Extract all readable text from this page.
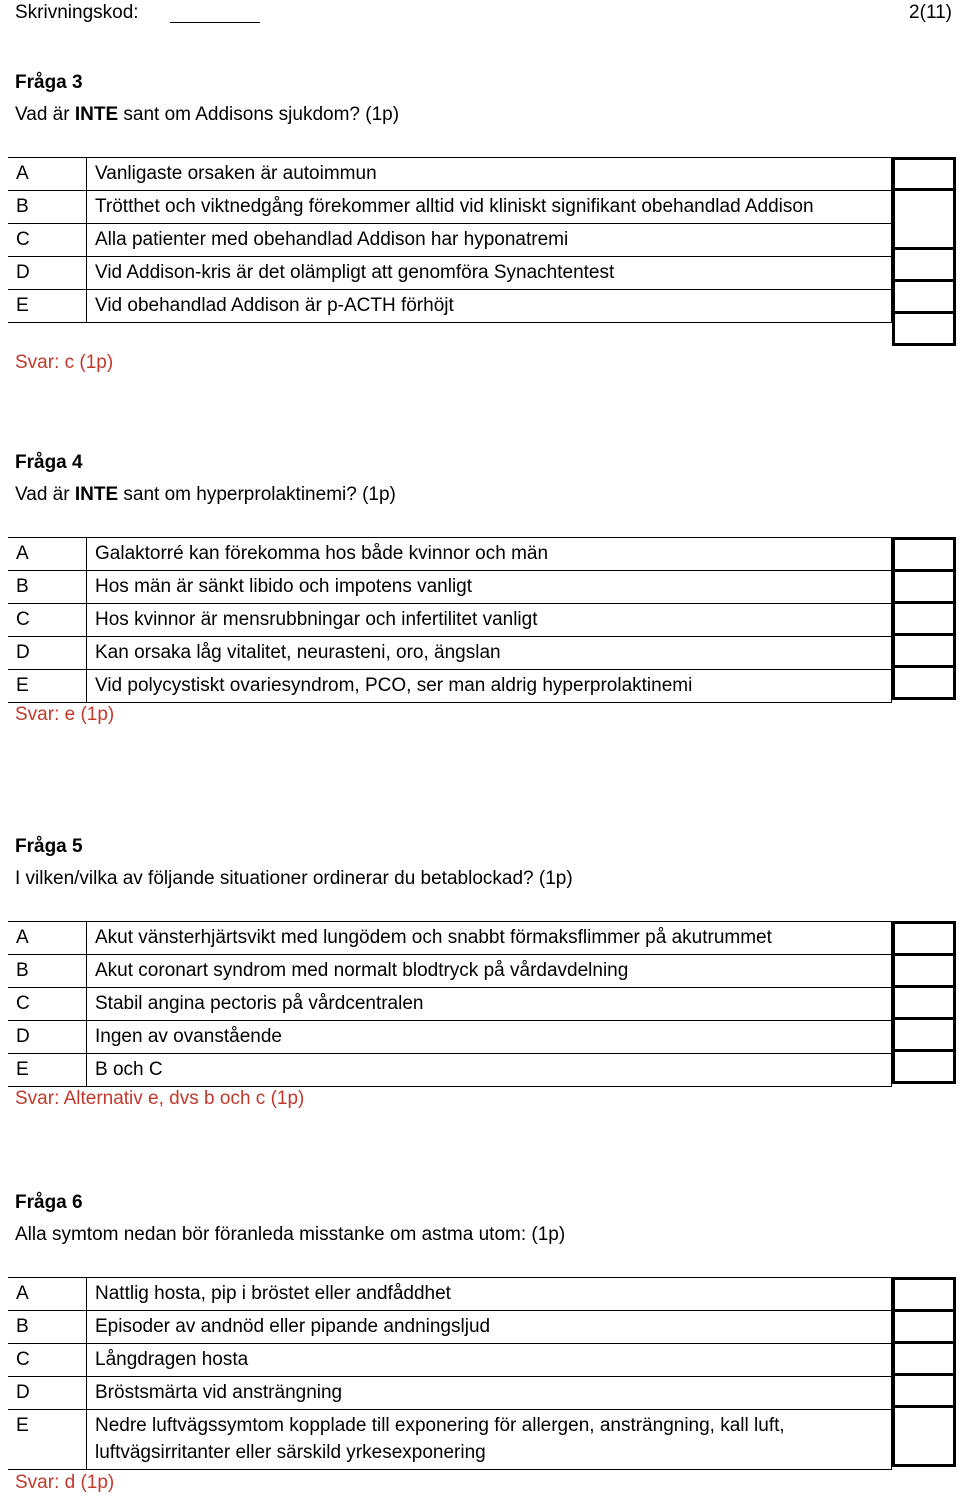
Skrivningskod:	2(11)
Fråga 3
Vad är INTE sant om Addisons sjukdom? (1p)
A	Vanligaste orsaken är autoimmun
B	Trötthet och viktnedgång förekommer alltid vid kliniskt signifikant obehandlad Addison
C	Alla patienter med obehandlad Addison har hyponatremi
D	Vid Addison-kris är det olämpligt att genomföra Synachtentest
E	Vid obehandlad Addison är p-ACTH förhöjt
Svar: c (1p)
Fråga 4
Vad är INTE sant om hyperprolaktinemi? (1p)
A	Galaktorré kan förekomma hos både kvinnor och män
B	Hos män är sänkt libido och impotens vanligt
C	Hos kvinnor är mensrubbningar och infertilitet vanligt
D	Kan orsaka låg vitalitet, neurasteni, oro, ängslan
E	Vid polycystiskt ovariesyndrom, PCO, ser man aldrig hyperprolaktinemi
Svar: e (1p)
Fråga 5
I vilken/vilka av följande situationer ordinerar du betablockad? (1p)
A	Akut vänsterhjärtsvikt med lungödem och snabbt förmaksflimmer på akutrummet
B	Akut coronart syndrom med normalt blodtryck på vårdavdelning
C	Stabil angina pectoris på vårdcentralen
D	Ingen av ovanstående
E	B och C
Svar: Alternativ e, dvs b och c (1p)
Fråga 6
Alla symtom nedan bör föranleda misstanke om astma utom: (1p)
A	Nattlig hosta, pip i bröstet eller andfåddhet
B	Episoder av andnöd eller pipande andningsljud
C	Långdragen hosta
D	Bröstsmärta vid ansträngning
E	Nedre luftvägssymtom kopplade till exponering för allergen, ansträngning, kall luft, luftvägsirritanter eller särskild yrkesexponering
Svar: d (1p)
